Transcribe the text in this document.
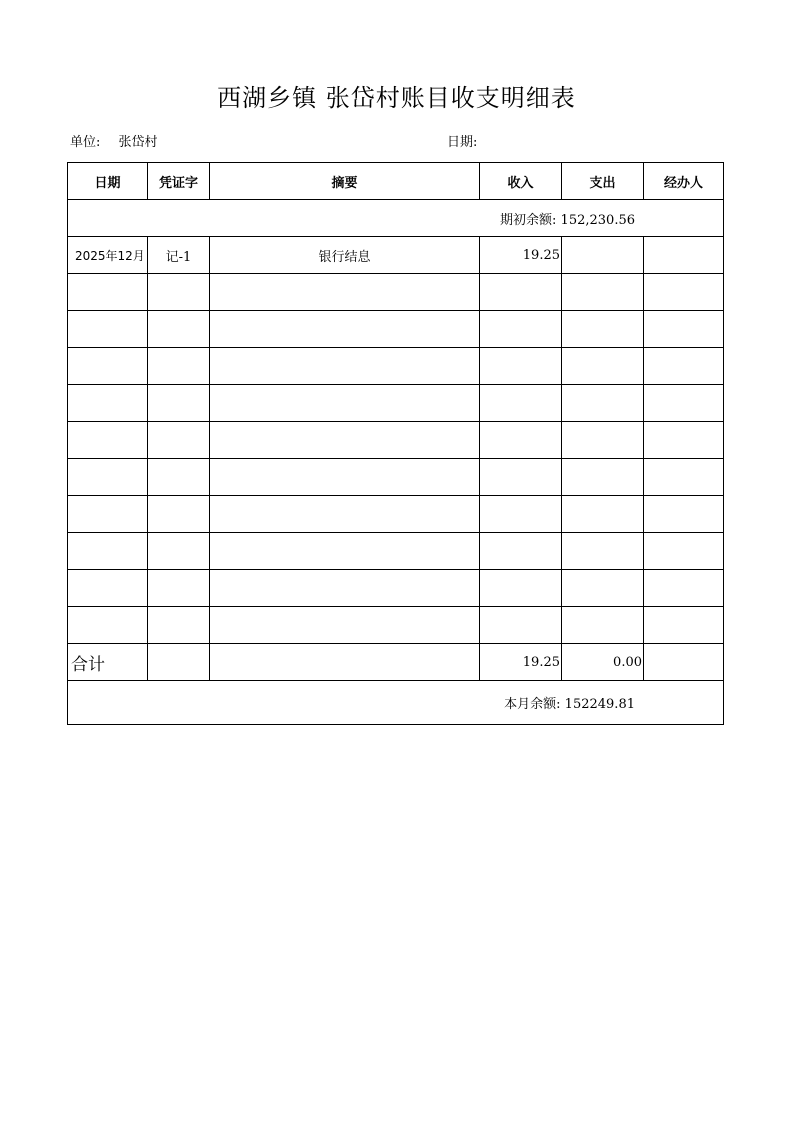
西湖乡镇 张岱村账目收支明细表
单位: 张岱村	日期:
日期	凭证字	摘要	收入	支出	经办人
期初余额: 152,230.56					
2025年12月	记-1	银行结息	19.25		

合计			19.25	0.00	
本月余额: 152249.81					
